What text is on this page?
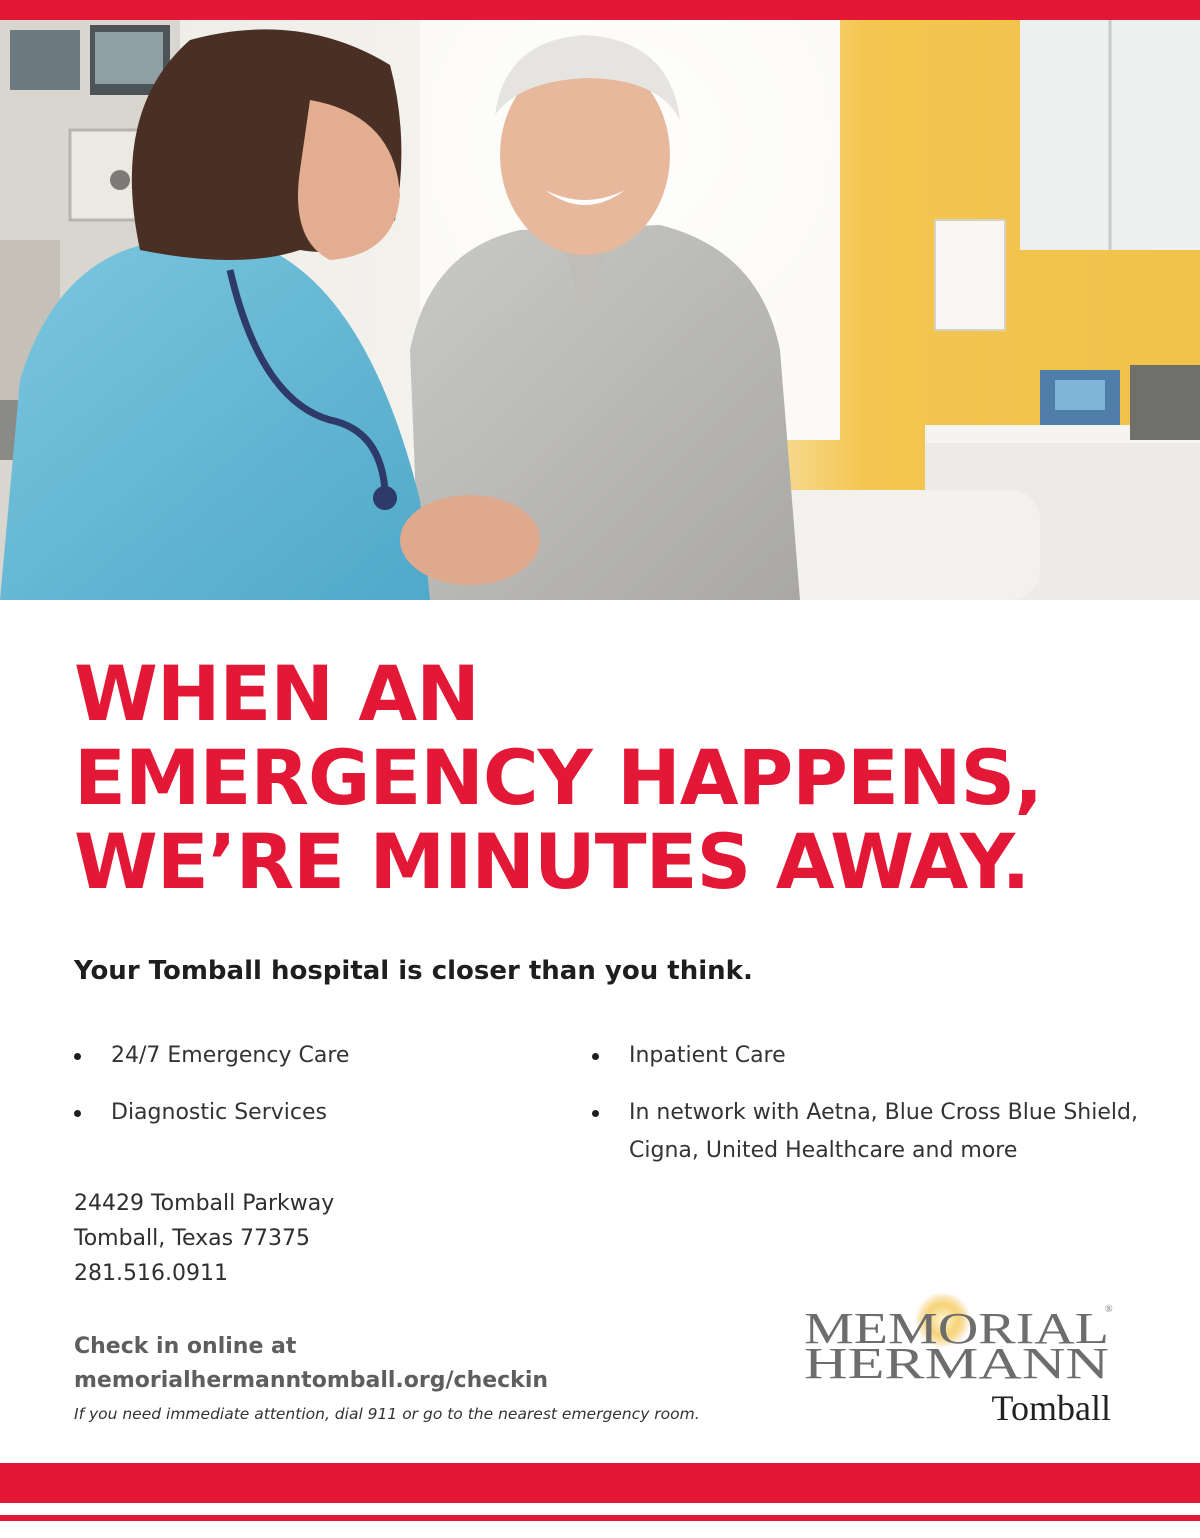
WHEN AN
EMERGENCY HAPPENS,
WE’RE MINUTES AWAY.

Your Tomball hospital is closer than you think.

24/7 Emergency Care
Diagnostic Services
Inpatient Care
In network with Aetna, Blue Cross Blue Shield, Cigna, United Healthcare and more
24429 Tomball Parkway
Tomball, Texas 77375
281.516.0911
Check in online at
memorialhermanntomball.org/checkin
If you need immediate attention, dial 911 or go to the nearest emergency room.
MEMORIAL
®
HERMANN
Tomball
